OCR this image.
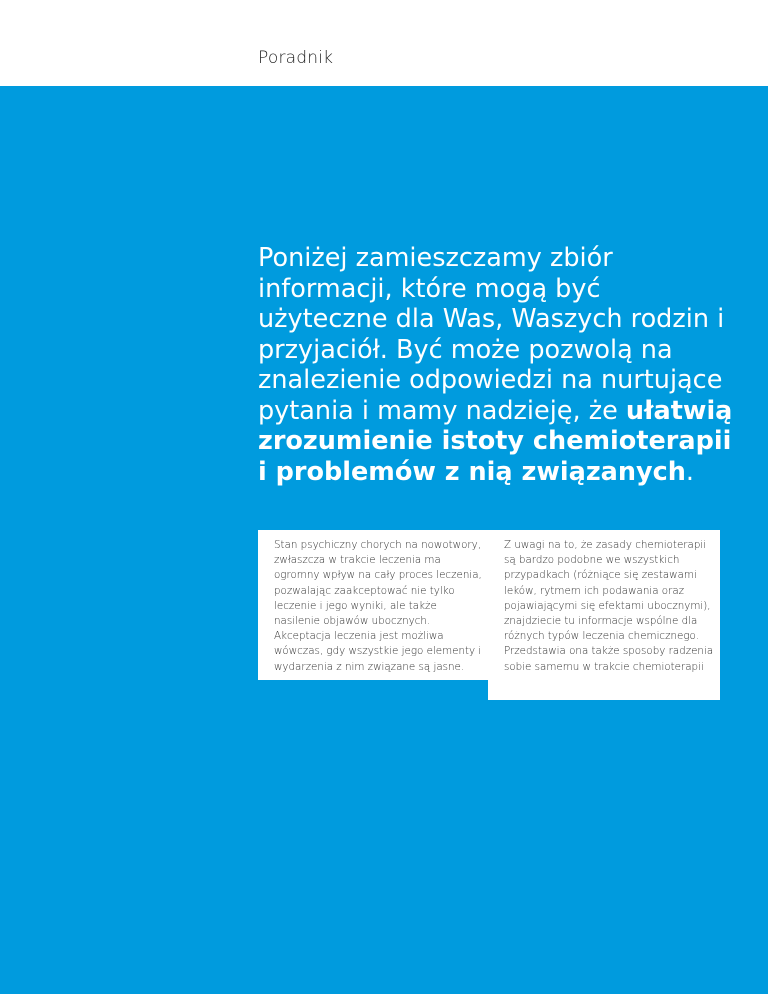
Poradnik

Poniżej zamieszczamy zbiór informacji, które mogą być użyteczne dla Was, Waszych rodzin i przyjaciół. Być może pozwolą na znalezienie odpowiedzi na nurtujące pytania i mamy nadzieję, że ułatwią zrozumienie istoty chemioterapii i problemów z nią związanych.

Stan psychiczny chorych na nowotwory, zwłaszcza w trakcie leczenia ma ogromny wpływ na cały proces leczenia, pozwalając zaakceptować nie tylko leczenie i jego wyniki, ale także nasilenie objawów ubocznych. Akceptacja leczenia jest możliwa wówczas, gdy wszystkie jego elementy i wydarzenia z nim związane są jasne.

Z uwagi na to, że zasady chemioterapii są bardzo podobne we wszystkich przypadkach (różniące się zestawami leków, rytmem ich podawania oraz pojawiającymi się efektami ubocznymi), znajdziecie tu informacje wspólne dla różnych typów leczenia chemicznego. Przedstawia ona także sposoby radzenia sobie samemu w trakcie chemioterapii
